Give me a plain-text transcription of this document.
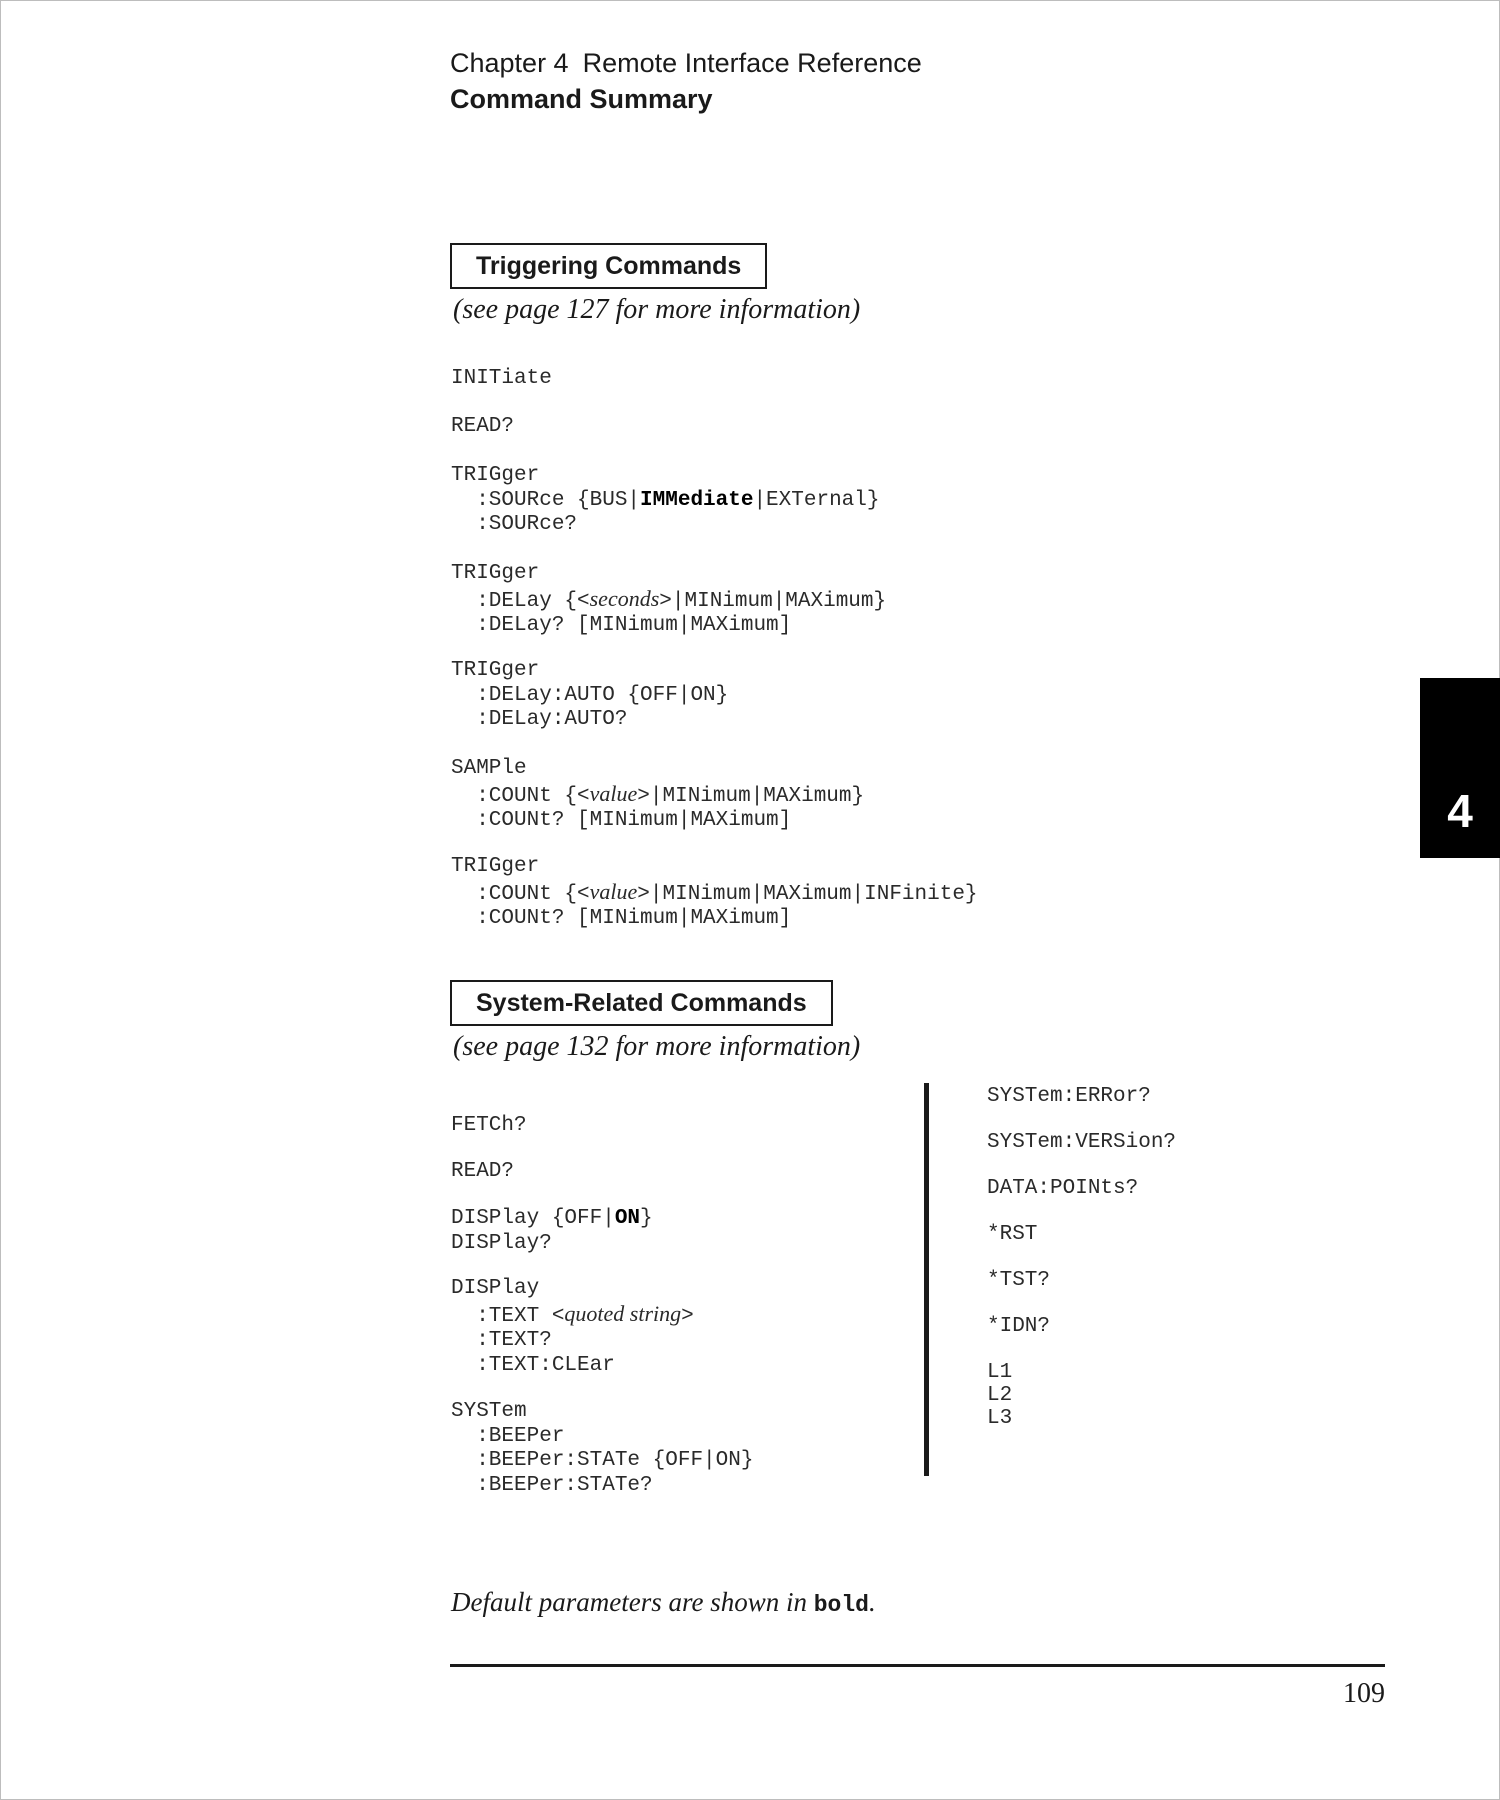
Chapter 4 Remote Interface Reference
Command Summary
Triggering Commands
(see page 127 for more information)
INITiate
READ?
TRIGger
:SOURce {BUS|IMMediate|EXTernal}
:SOURce?
TRIGger
:DELay {<seconds>|MINimum|MAXimum}
:DELay? [MINimum|MAXimum]
TRIGger
:DELay:AUTO {OFF|ON}
:DELay:AUTO?
SAMPle
:COUNt {<value>|MINimum|MAXimum}
:COUNt? [MINimum|MAXimum]
TRIGger
:COUNt {<value>|MINimum|MAXimum|INFinite}
:COUNt? [MINimum|MAXimum]
System-Related Commands
(see page 132 for more information)
FETCh?
READ?
DISPlay {OFF|ON}
DISPlay?
DISPlay
:TEXT <quoted string>
:TEXT?
:TEXT:CLEar
SYSTem
:BEEPer
:BEEPer:STATe {OFF|ON}
:BEEPer:STATe?
SYSTem:ERRor?
SYSTem:VERSion?
DATA:POINts?
*RST
*TST?
*IDN?
L1
L2
L3
4
Default parameters are shown in bold.
109
